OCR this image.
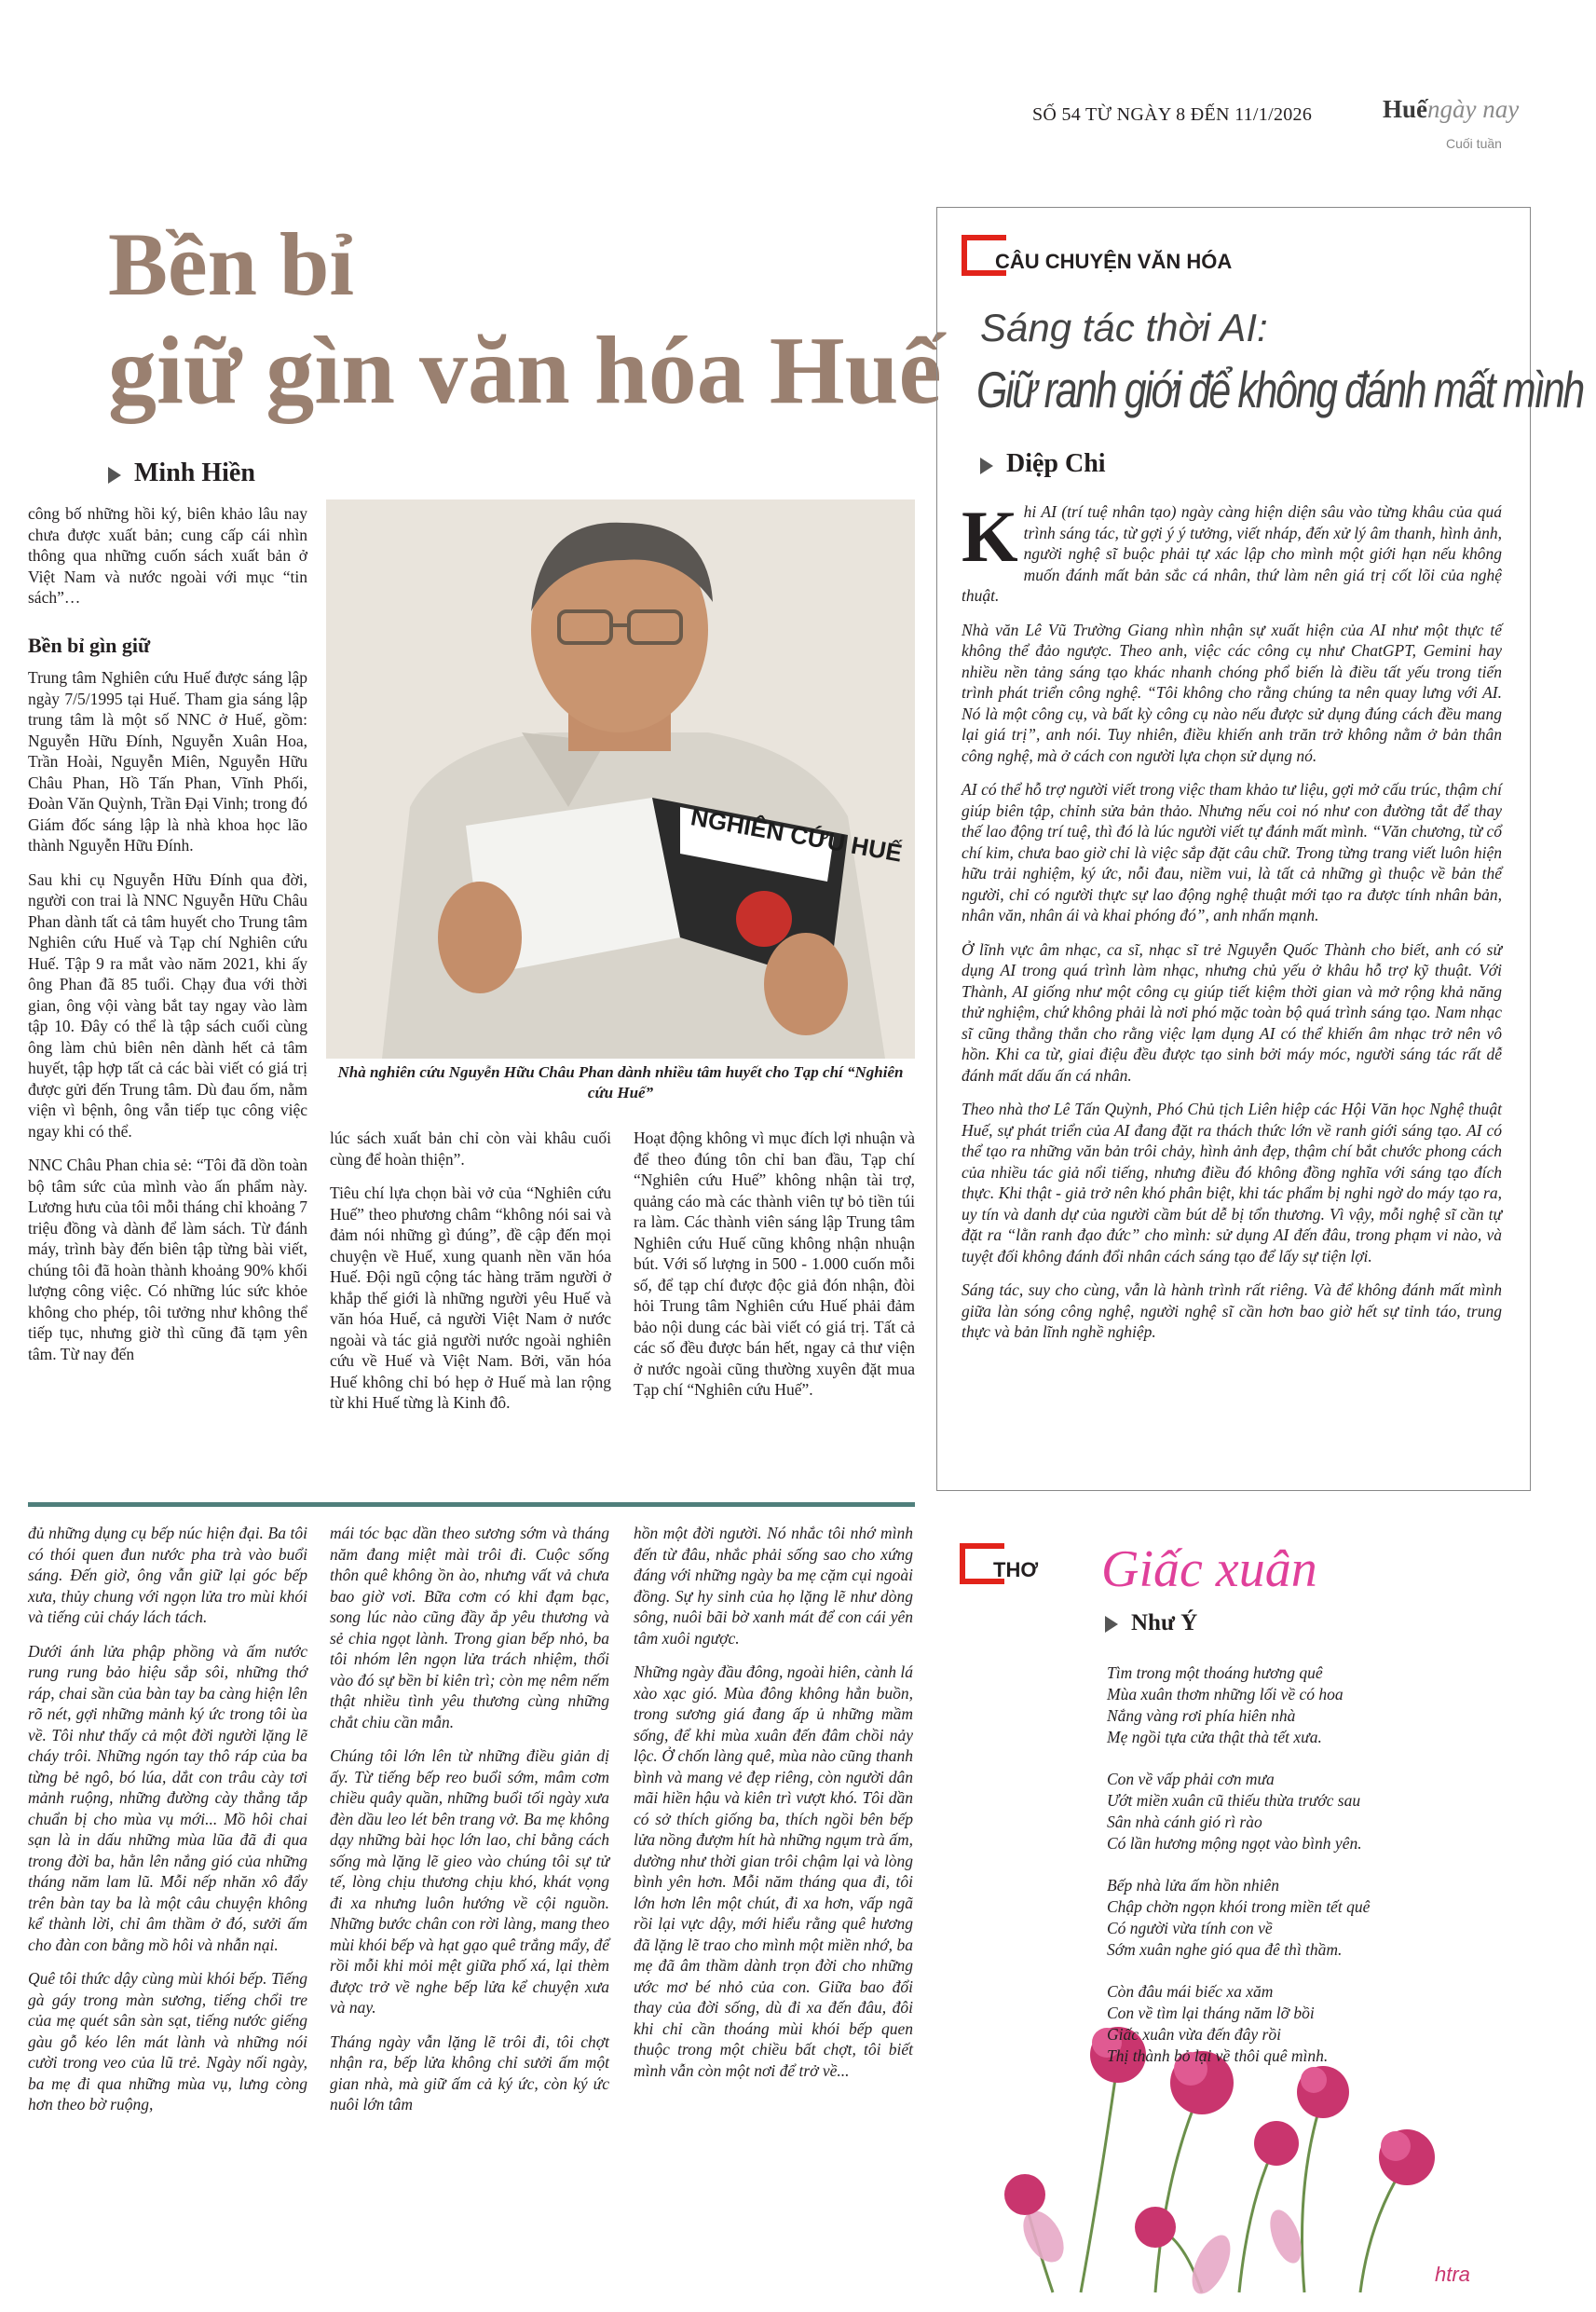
SỐ 54 TỪ NGÀY 8 ĐẾN 11/1/2026	Huếngày nay
Cuối tuần
Bền bỉ
giữ gìn văn hóa Huế
Minh Hiền

công bố những hồi ký, biên khảo lâu nay chưa được xuất bản; cung cấp cái nhìn thông qua những cuốn sách xuất bản ở Việt Nam và nước ngoài với mục “tin sách”…

Bền bỉ gìn giữ

Trung tâm Nghiên cứu Huế được sáng lập ngày 7/5/1995 tại Huế. Tham gia sáng lập trung tâm là một số NNC ở Huế, gồm: Nguyễn Hữu Đính, Nguyễn Xuân Hoa, Trần Hoài, Nguyễn Miên, Nguyễn Hữu Châu Phan, Hồ Tấn Phan, Vĩnh Phối, Đoàn Văn Quỳnh, Trần Đại Vinh; trong đó Giám đốc sáng lập là nhà khoa học lão thành Nguyễn Hữu Đính.

Sau khi cụ Nguyễn Hữu Đính qua đời, người con trai là NNC Nguyễn Hữu Châu Phan dành tất cả tâm huyết cho Trung tâm Nghiên cứu Huế và Tạp chí Nghiên cứu Huế. Tập 9 ra mắt vào năm 2021, khi ấy ông Phan đã 85 tuổi. Chạy đua với thời gian, ông vội vàng bắt tay ngay vào làm tập 10. Đây có thể là tập sách cuối cùng ông làm chủ biên nên dành hết cả tâm huyết, tập hợp tất cả các bài viết có giá trị được gửi đến Trung tâm. Dù đau ốm, nằm viện vì bệnh, ông vẫn tiếp tục công việc ngay khi có thể.

NNC Châu Phan chia sẻ: “Tôi đã dồn toàn bộ tâm sức của mình vào ấn phẩm này. Lương hưu của tôi mỗi tháng chỉ khoảng 7 triệu đồng và dành để làm sách. Từ đánh máy, trình bày đến biên tập từng bài viết, chúng tôi đã hoàn thành khoảng 90% khối lượng công việc. Có những lúc sức khỏe không cho phép, tôi tưởng như không thể tiếp tục, nhưng giờ thì cũng đã tạm yên tâm. Từ nay đến

NGHIÊN CỨU HUẾ
Nhà nghiên cứu Nguyễn Hữu Châu Phan dành nhiều tâm huyết cho Tạp chí “Nghiên cứu Huế”

lúc sách xuất bản chỉ còn vài khâu cuối cùng để hoàn thiện”.

Tiêu chí lựa chọn bài vở của “Nghiên cứu Huế” theo phương châm “không nói sai và đảm nói những gì đúng”, đề cập đến mọi chuyện về Huế, xung quanh nền văn hóa Huế. Đội ngũ cộng tác hàng trăm người ở khắp thế giới là những người yêu Huế và văn hóa Huế, cả người Việt Nam ở nước ngoài và tác giả người nước ngoài nghiên cứu về Huế và Việt Nam. Bởi, văn hóa Huế không chỉ bó hẹp ở Huế mà lan rộng từ khi Huế từng là Kinh đô.

Hoạt động không vì mục đích lợi nhuận và để theo đúng tôn chỉ ban đầu, Tạp chí “Nghiên cứu Huế” không nhận tài trợ, quảng cáo mà các thành viên tự bỏ tiền túi ra làm. Các thành viên sáng lập Trung tâm Nghiên cứu Huế cũng không nhận nhuận bút. Với số lượng in 500 - 1.000 cuốn mỗi số, để tạp chí được độc giả đón nhận, đòi hỏi Trung tâm Nghiên cứu Huế phải đảm bảo nội dung các bài viết có giá trị. Tất cả các số đều được bán hết, ngay cả thư viện ở nước ngoài cũng thường xuyên đặt mua Tạp chí “Nghiên cứu Huế”.

CÂU CHUYỆN VĂN HÓA
Sáng tác thời AI:
Giữ ranh giới để không đánh mất mình
Diệp Chi

Khi AI (trí tuệ nhân tạo) ngày càng hiện diện sâu vào từng khâu của quá trình sáng tác, từ gợi ý ý tưởng, viết nháp, đến xử lý âm thanh, hình ảnh, người nghệ sĩ buộc phải tự xác lập cho mình một giới hạn nếu không muốn đánh mất bản sắc cá nhân, thứ làm nên giá trị cốt lõi của nghệ thuật.

Nhà văn Lê Vũ Trường Giang nhìn nhận sự xuất hiện của AI như một thực tế không thể đảo ngược. Theo anh, việc các công cụ như ChatGPT, Gemini hay nhiều nền tảng sáng tạo khác nhanh chóng phổ biến là điều tất yếu trong tiến trình phát triển công nghệ. “Tôi không cho rằng chúng ta nên quay lưng với AI. Nó là một công cụ, và bất kỳ công cụ nào nếu được sử dụng đúng cách đều mang lại giá trị”, anh nói. Tuy nhiên, điều khiến anh trăn trở không nằm ở bản thân công nghệ, mà ở cách con người lựa chọn sử dụng nó.

AI có thể hỗ trợ người viết trong việc tham khảo tư liệu, gợi mở cấu trúc, thậm chí giúp biên tập, chỉnh sửa bản thảo. Nhưng nếu coi nó như con đường tắt để thay thế lao động trí tuệ, thì đó là lúc người viết tự đánh mất mình. “Văn chương, từ cổ chí kim, chưa bao giờ chỉ là việc sắp đặt câu chữ. Trong từng trang viết luôn hiện hữu trải nghiệm, ký ức, nỗi đau, niềm vui, là tất cả những gì thuộc về bản thể người, chỉ có người thực sự lao động nghệ thuật mới tạo ra được tính nhân bản, nhân văn, nhân ái và khai phóng đó”, anh nhấn mạnh.

Ở lĩnh vực âm nhạc, ca sĩ, nhạc sĩ trẻ Nguyễn Quốc Thành cho biết, anh có sử dụng AI trong quá trình làm nhạc, nhưng chủ yếu ở khâu hỗ trợ kỹ thuật. Với Thành, AI giống như một công cụ giúp tiết kiệm thời gian và mở rộng khả năng thử nghiệm, chứ không phải là nơi phó mặc toàn bộ quá trình sáng tạo. Nam nhạc sĩ cũng thẳng thắn cho rằng việc lạm dụng AI có thể khiến âm nhạc trở nên vô hồn. Khi ca từ, giai điệu đều được tạo sinh bởi máy móc, người sáng tác rất dễ đánh mất dấu ấn cá nhân.

Theo nhà thơ Lê Tấn Quỳnh, Phó Chủ tịch Liên hiệp các Hội Văn học Nghệ thuật Huế, sự phát triển của AI đang đặt ra thách thức lớn về ranh giới sáng tạo. AI có thể tạo ra những văn bản trôi chảy, hình ảnh đẹp, thậm chí bắt chước phong cách của nhiều tác giả nổi tiếng, nhưng điều đó không đồng nghĩa với sáng tạo đích thực. Khi thật - giả trở nên khó phân biệt, khi tác phẩm bị nghi ngờ do máy tạo ra, uy tín và danh dự của người cầm bút dễ bị tổn thương. Vì vậy, mỗi nghệ sĩ cần tự đặt ra “lằn ranh đạo đức” cho mình: sử dụng AI đến đâu, trong phạm vi nào, và tuyệt đối không đánh đổi nhân cách sáng tạo để lấy sự tiện lợi.

Sáng tác, suy cho cùng, vẫn là hành trình rất riêng. Và để không đánh mất mình giữa làn sóng công nghệ, người nghệ sĩ cần hơn bao giờ hết sự tỉnh táo, trung thực và bản lĩnh nghề nghiệp.

đủ những dụng cụ bếp núc hiện đại. Ba tôi có thói quen đun nước pha trà vào buổi sáng. Đến giờ, ông vẫn giữ lại góc bếp xưa, thủy chung với ngọn lửa tro mùi khói và tiếng củi cháy lách tách.

Dưới ánh lửa phập phồng và ấm nước rung rung bảo hiệu sắp sôi, những thớ ráp, chai sần của bàn tay ba càng hiện lên rõ nét, gợi những mảnh ký ức trong tôi ùa về. Tôi như thấy cả một đời người lặng lẽ cháy trôi. Những ngón tay thô ráp của ba từng bẻ ngô, bó lúa, dắt con trâu cày tơi mảnh ruộng, những đường cày thẳng tắp chuẩn bị cho mùa vụ mới... Mồ hôi chai sạn là in dấu những mùa lũa đã đi qua trong đời ba, hằn lên nắng gió của những tháng năm lam lũ. Mỗi nếp nhăn xô đẩy trên bàn tay ba là một câu chuyện không kể thành lời, chỉ âm thầm ở đó, sưởi ấm cho đàn con bằng mồ hôi và nhẫn nại.

Quê tôi thức dậy cùng mùi khói bếp. Tiếng gà gáy trong màn sương, tiếng chổi tre của mẹ quét sân sàn sạt, tiếng nước giếng gàu gỗ kéo lên mát lành và những nói cười trong veo của lũ trẻ. Ngày nối ngày, ba mẹ đi qua những mùa vụ, lưng còng hơn theo bờ ruộng,

mái tóc bạc dần theo sương sớm và tháng năm đang miệt mài trôi đi. Cuộc sống thôn quê không ồn ào, nhưng vất vả chưa bao giờ vơi. Bữa cơm có khi đạm bạc, song lúc nào cũng đầy ắp yêu thương và sẻ chia ngọt lành. Trong gian bếp nhỏ, ba tôi nhóm lên ngọn lửa trách nhiệm, thổi vào đó sự bền bỉ kiên trì; còn mẹ nêm nếm thật nhiều tình yêu thương cùng những chắt chiu cần mẫn.

Chúng tôi lớn lên từ những điều giản dị ấy. Từ tiếng bếp reo buổi sớm, mâm cơm chiều quây quần, những buổi tối ngày xưa đèn dầu leo lét bên trang vở. Ba mẹ không dạy những bài học lớn lao, chỉ bằng cách sống mà lặng lẽ gieo vào chúng tôi sự tử tế, lòng chịu thương chịu khó, khát vọng đi xa nhưng luôn hướng về cội nguồn. Những bước chân con rời làng, mang theo mùi khói bếp và hạt gạo quê trắng mẩy, để rồi mỗi khi mỏi mệt giữa phố xá, lại thèm được trở về nghe bếp lửa kể chuyện xưa và nay.

Tháng ngày vẫn lặng lẽ trôi đi, tôi chợt nhận ra, bếp lửa không chỉ sưởi ấm một gian nhà, mà giữ ấm cả ký ức, còn ký ức nuôi lớn tâm

hồn một đời người. Nó nhắc tôi nhớ mình đến từ đâu, nhắc phải sống sao cho xứng đáng với những ngày ba mẹ cặm cụi ngoài đồng. Sự hy sinh của họ lặng lẽ như dòng sông, nuôi bãi bờ xanh mát để con cái yên tâm xuôi ngược.

Những ngày đầu đông, ngoài hiên, cành lá xào xạc gió. Mùa đông không hẳn buồn, trong sương giá đang ấp ủ những mầm sống, để khi mùa xuân đến đâm chồi nảy lộc. Ở chốn làng quê, mùa nào cũng thanh bình và mang vẻ đẹp riêng, còn người dân mãi hiền hậu và kiên trì vượt khó. Tôi dần có sở thích giống ba, thích ngồi bên bếp lửa nồng đượm hít hà những ngụm trà ấm, dường như thời gian trôi chậm lại và lòng bình yên hơn. Mỗi năm tháng qua đi, tôi lớn hơn lên một chút, đi xa hơn, vấp ngã rồi lại vực dậy, mới hiểu rằng quê hương đã lặng lẽ trao cho mình một miền nhớ, ba mẹ đã âm thầm dành trọn đời cho những ước mơ bé nhỏ của con. Giữa bao đổi thay của đời sống, dù đi xa đến đâu, đôi khi chỉ cần thoáng mùi khói bếp quen thuộc trong một chiều bất chợt, tôi biết mình vẫn còn một nơi để trở về...

THƠ Giấc xuân
Như Ý
htra

Tìm trong một thoáng hương quê

Mùa xuân thơm những lối về có hoa

Nắng vàng rơi phía hiên nhà

Mẹ ngồi tựa cửa thật thà tết xưa.

Con về vấp phải cơn mưa

Ướt miền xuân cũ thiếu thừa trước sau

Sân nhà cánh gió rì rào

Có lần hương mộng ngọt vào bình yên.

Bếp nhà lửa ấm hồn nhiên

Chập chờn ngọn khói trong miền tết quê

Có người vừa tính con về

Sớm xuân nghe gió qua đê thì thầm.

Còn đâu mái biếc xa xăm

Con về tìm lại tháng năm lỡ bồi

Giấc xuân vừa đến đây rồi

Thị thành bỏ lại về thôi quê mình.
